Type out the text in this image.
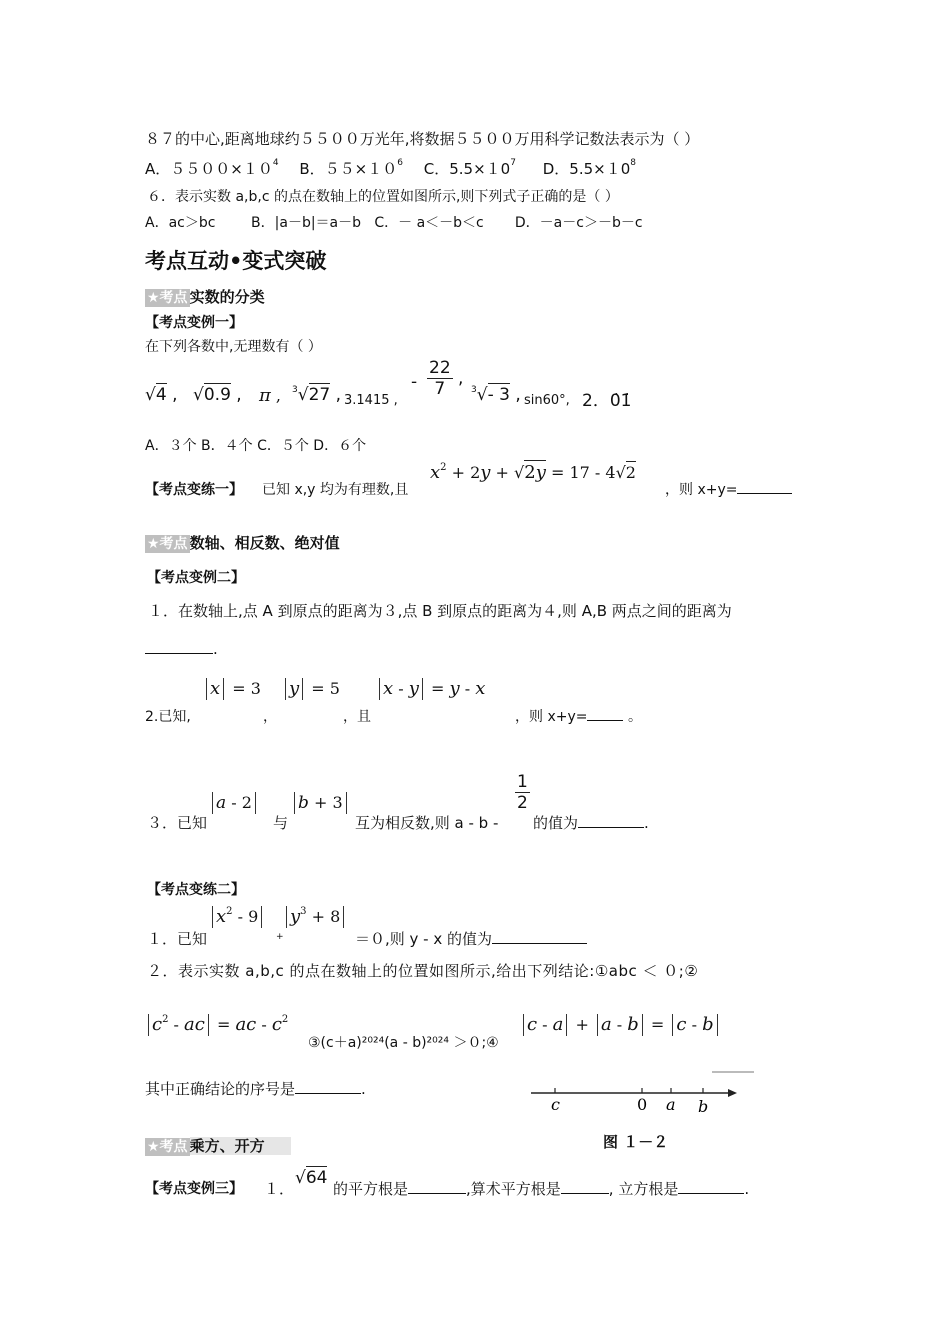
８７的中心,距离地球约５５００万光年,将数据５５００万用科学记数法表示为（ ）
A．$5500\times 10^4$ B．$55\times 10^6$ C．$5.5\times 10^7$ D．$5.5\times 10^8$
６．表示实数 a,b,c 的点在数轴上的位置如图所示,则下列式子正确的是（ ）
A．ac＞bc        B．|a－b|＝a－b   C．－ a＜－b＜c       D．－a－c＞－b－c
考点互动•变式突破
★考点 实数的分类
【考点变例一】
在下列各数中,无理数有（ ）
√4 , √0.9 , π , $^3$√27 , 3.1415 ,
- $\frac{22}{7}$ ,
$^3$√- 3 , sin60°, 2．0̇1̇
A．３个 B．４个 C．５个 D．６个
【考点变练一】 已知 x,y 均为有理数,且
$x^2 + 2y + √2y = 17 - 4√2$
，则 x+y=
★考点 数轴、相反数、绝对值
【考点变例二】
１．在数轴上,点 A 到原点的距离为３,点 B 到原点的距离为４,则 A,B 两点之间的距离为
.
2.已知,
x = 3
，
y = 5
，且
x - y = y - x
，则 x+y=	。
３．已知
a - 2
与
b + 3
互为相反数,则 a - b -
$\frac{1}{2}$
的值为	.
【考点变练二】
１．已知
$x^2 - 9$
+
$y^3 + 8$
＝０,则 y - x 的值为
２．表示实数 a,b,c 的点在数轴上的位置如图所示,给出下列结论:①abc ＜ ０;②
$c^2$ - ac = ac - $c^2$
③(c＋a)²⁰²⁴(a - b)²⁰²⁴ ＞０;④
c - a + a - b = c - b
其中正确结论的序号是	.
c	0 a b
图 １－２
★考点 乘方、开方
【考点变例三】 １．
√64
的平方根是	,算术平方根是	, 立方根是	.
